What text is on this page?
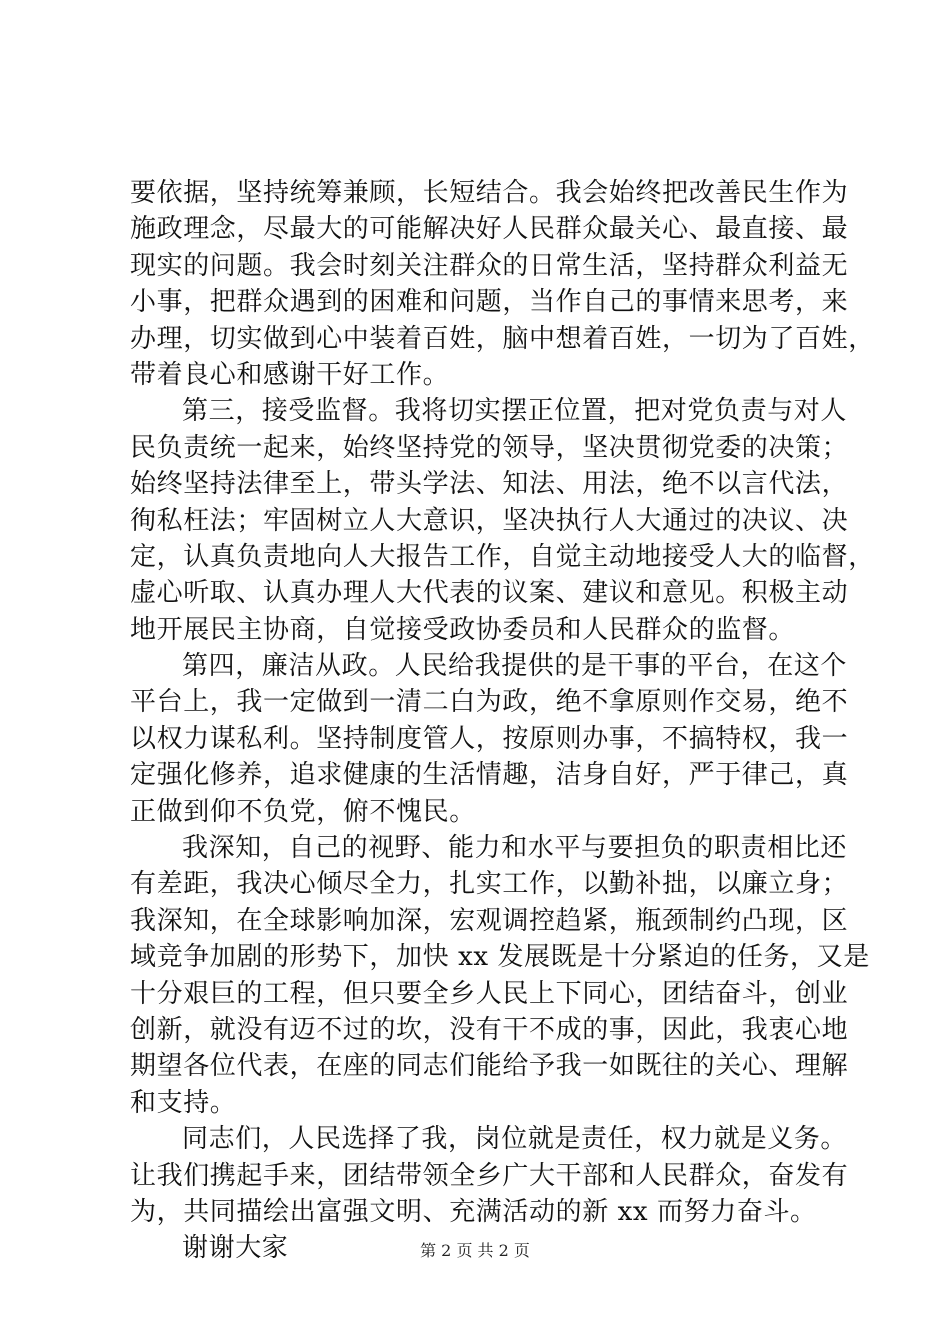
要依据，坚持统筹兼顾，长短结合。我会始终把改善民生作为
施政理念，尽最大的可能解决好人民群众最关心、最直接、最
现实的问题。我会时刻关注群众的日常生活，坚持群众利益无
小事，把群众遇到的困难和问题，当作自己的事情来思考，来
办理，切实做到心中装着百姓，脑中想着百姓，一切为了百姓，
带着良心和感谢干好工作。
第三，接受监督。我将切实摆正位置，把对党负责与对人
民负责统一起来，始终坚持党的领导，坚决贯彻党委的决策；
始终坚持法律至上，带头学法、知法、用法，绝不以言代法，
徇私枉法；牢固树立人大意识，坚决执行人大通过的决议、决
定，认真负责地向人大报告工作，自觉主动地接受人大的临督，
虚心听取、认真办理人大代表的议案、建议和意见。积极主动
地开展民主协商，自觉接受政协委员和人民群众的监督。
第四，廉洁从政。人民给我提供的是干事的平台，在这个
平台上，我一定做到一清二白为政，绝不拿原则作交易，绝不
以权力谋私利。坚持制度管人，按原则办事，不搞特权，我一
定强化修养，追求健康的生活情趣，洁身自好，严于律己，真
正做到仰不负党，俯不愧民。
我深知，自己的视野、能力和水平与要担负的职责相比还
有差距，我决心倾尽全力，扎实工作，以勤补拙，以廉立身；
我深知，在全球影响加深，宏观调控趋紧，瓶颈制约凸现，区
域竞争加剧的形势下，加快 xx 发展既是十分紧迫的任务，又是
十分艰巨的工程，但只要全乡人民上下同心，团结奋斗，创业
创新，就没有迈不过的坎，没有干不成的事，因此，我衷心地
期望各位代表，在座的同志们能给予我一如既往的关心、理解
和支持。
同志们，人民选择了我，岗位就是责任，权力就是义务。
让我们携起手来，团结带领全乡广大干部和人民群众，奋发有
为，共同描绘出富强文明、充满活动的新 xx 而努力奋斗。
谢谢大家	第 2 页 共 2 页
